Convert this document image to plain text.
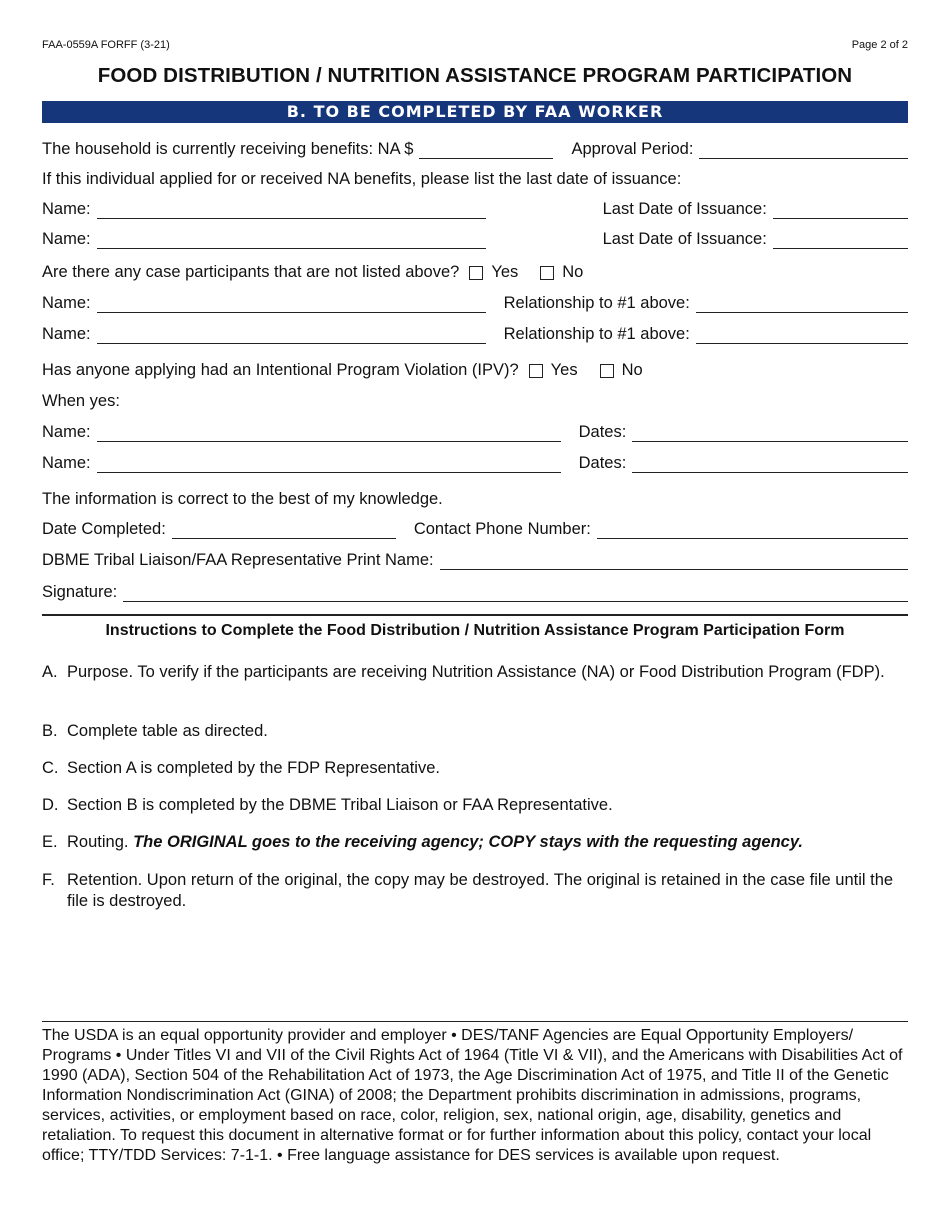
FAA-0559A FORFF (3-21)	Page 2 of 2
FOOD DISTRIBUTION / NUTRITION ASSISTANCE PROGRAM PARTICIPATION
B. TO BE COMPLETED BY FAA WORKER
The household is currently receiving benefits: NA $	Approval Period:
If this individual applied for or received NA benefits, please list the last date of issuance:
Name:	Last Date of Issuance:
Name:	Last Date of Issuance:
Are there any case participants that are not listed above? Yes	No
Name:	Relationship to #1 above:
Name:	Relationship to #1 above:
Has anyone applying had an Intentional Program Violation (IPV)? Yes	No
When yes:
Name:	Dates:
Name:	Dates:
The information is correct to the best of my knowledge.
Date Completed:	Contact Phone Number:
DBME Tribal Liaison/FAA Representative Print Name:
Signature:
Instructions to Complete the Food Distribution / Nutrition Assistance Program Participation Form
A. Purpose. To verify if the participants are receiving Nutrition Assistance (NA) or Food Distribution Program (FDP).
B. Complete table as directed.
C. Section A is completed by the FDP Representative.
D. Section B is completed by the DBME Tribal Liaison or FAA Representative.
E. Routing. The ORIGINAL goes to the receiving agency; COPY stays with the requesting agency.
F. Retention. Upon return of the original, the copy may be destroyed. The original is retained in the case file until the file is destroyed.
The USDA is an equal opportunity provider and employer • DES/TANF Agencies are Equal Opportunity Employers/ Programs • Under Titles VI and VII of the Civil Rights Act of 1964 (Title VI & VII), and the Americans with Disabilities Act of 1990 (ADA), Section 504 of the Rehabilitation Act of 1973, the Age Discrimination Act of 1975, and Title II of the Genetic Information Nondiscrimination Act (GINA) of 2008; the Department prohibits discrimination in admissions, programs, services, activities, or employment based on race, color, religion, sex, national origin, age, disability, genetics and retaliation. To request this document in alternative format or for further information about this policy, contact your local office; TTY/TDD Services: 7-1-1. • Free language assistance for DES services is available upon request.
